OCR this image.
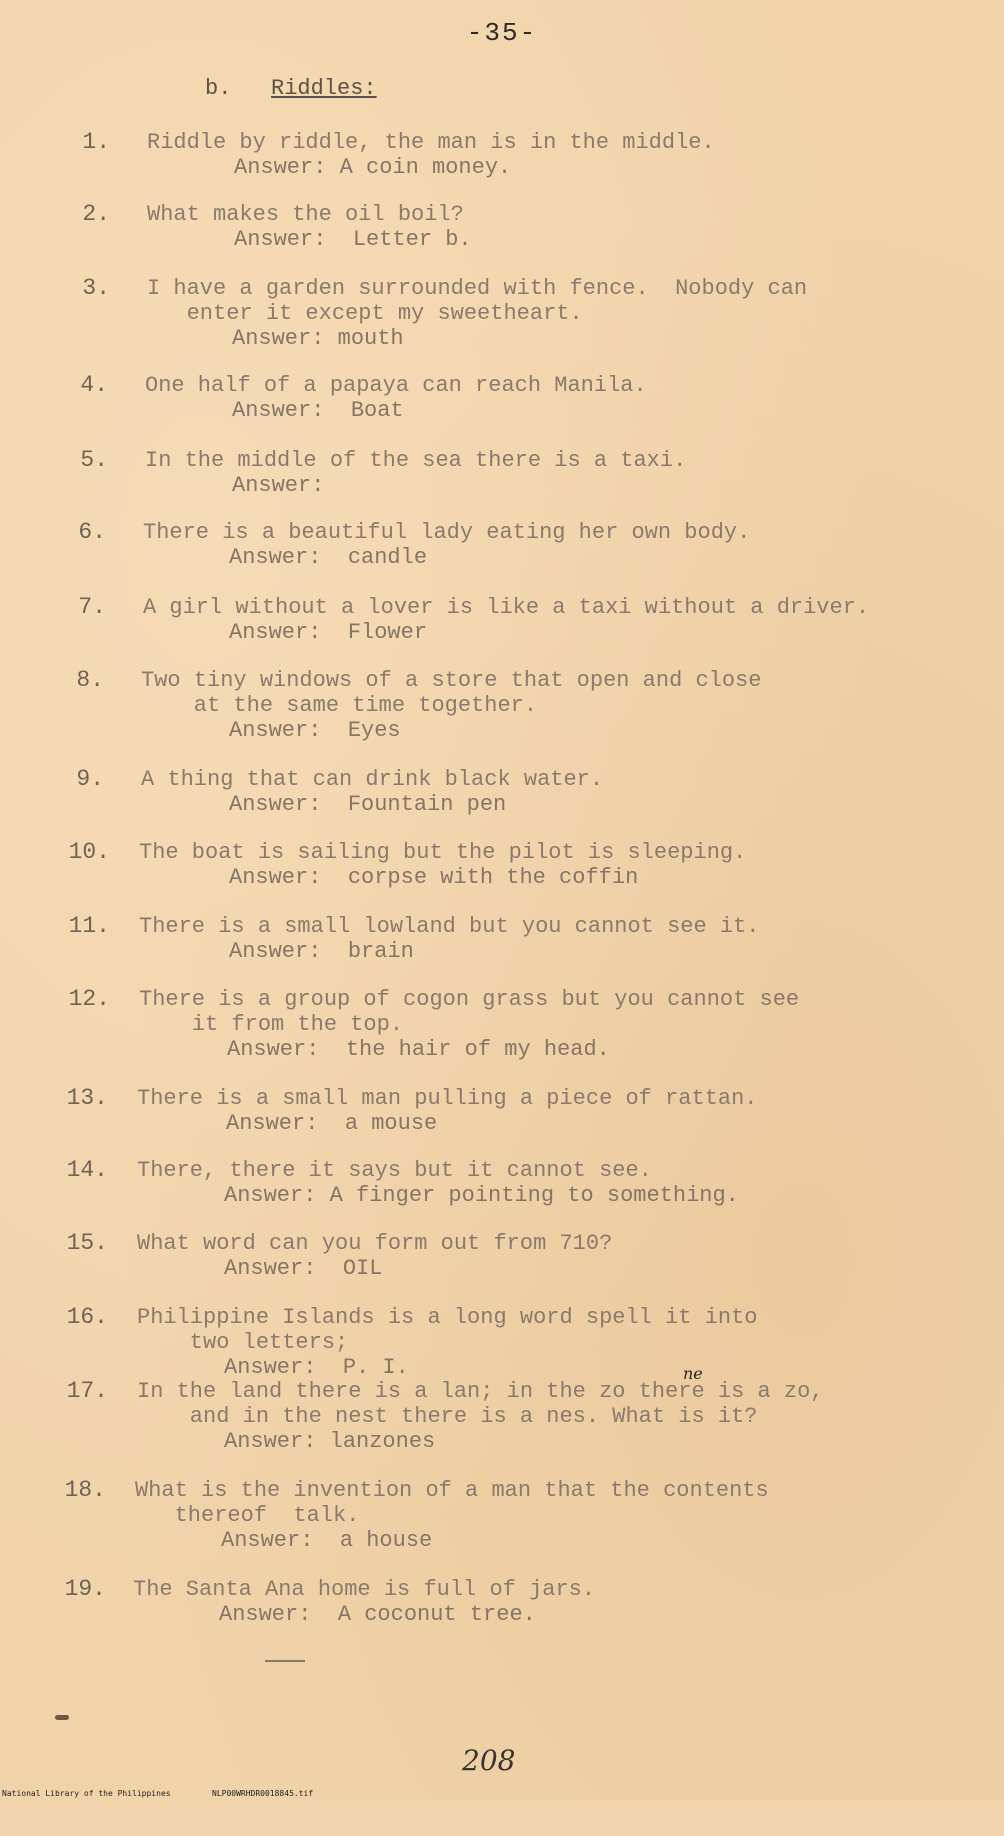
-35-
b. Riddles:
1. Riddle by riddle, the man is in the middle.
Answer: A coin money.
2. What makes the oil boil?
Answer:  Letter b.
3. I have a garden surrounded with fence.  Nobody can
enter it except my sweetheart.
Answer: mouth
4. One half of a papaya can reach Manila.
Answer:  Boat
5. In the middle of the sea there is a taxi.
Answer:
6. There is a beautiful lady eating her own body.
Answer:  candle
7. A girl without a lover is like a taxi without a driver.
Answer:  Flower
8. Two tiny windows of a store that open and close
at the same time together.
Answer:  Eyes
9. A thing that can drink black water.
Answer:  Fountain pen
10. The boat is sailing but the pilot is sleeping.
Answer:  corpse with the coffin
11. There is a small lowland but you cannot see it.
Answer:  brain
12. There is a group of cogon grass but you cannot see
it from the top.
Answer:  the hair of my head.
13. There is a small man pulling a piece of rattan.
Answer:  a mouse
14. There, there it says but it cannot see.
Answer: A finger pointing to something.
15. What word can you form out from 710?
Answer:  OIL
16. Philippine Islands is a long word spell it into
two letters;
Answer:  P. I.
17. In the land there is a lan; in the zo there is a zo,
and in the nest there is a nes. What is it?
Answer: lanzones
ne
18. What is the invention of a man that the contents
thereof  talk.
Answer:  a house
19. The Santa Ana home is full of jars.
Answer:  A coconut tree.
208

National Library of the Philippines

	NLP00WRHDR0018845.tif
